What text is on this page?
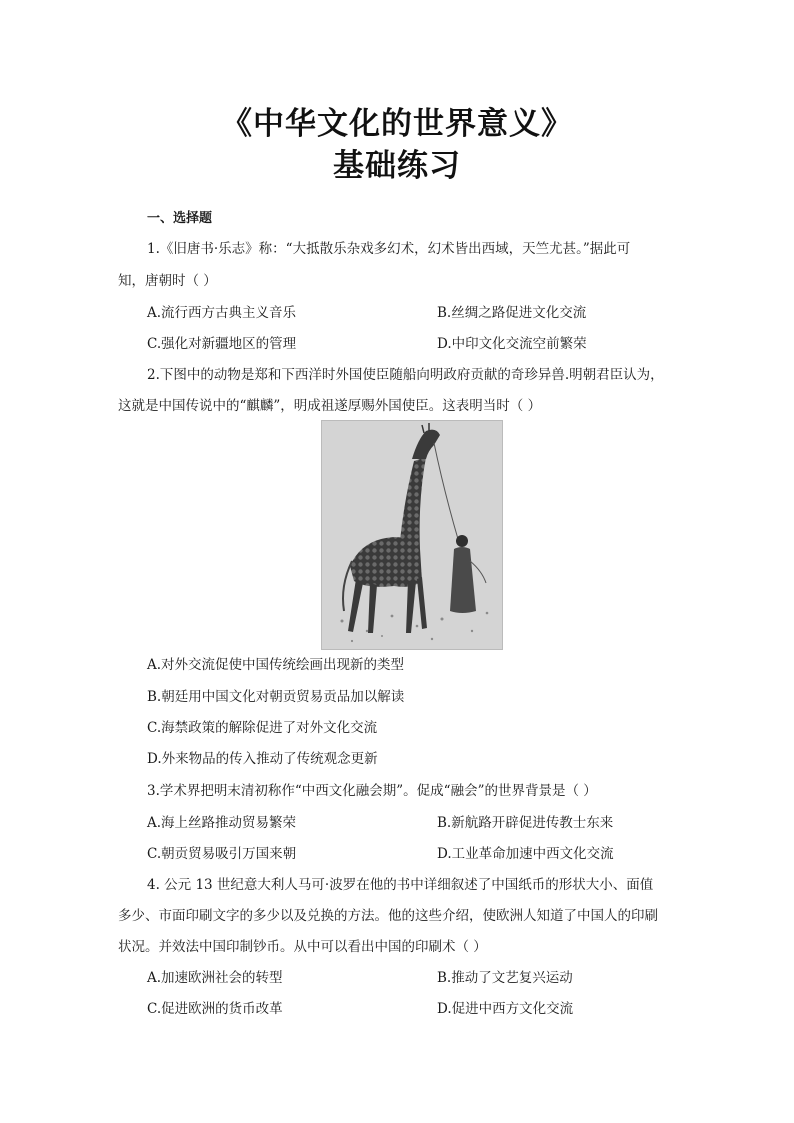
《中华文化的世界意义》
基础练习
一、选择题
1.《旧唐书·乐志》称：“大抵散乐杂戏多幻术，幻术皆出西域，天竺尤甚。”据此可
知，唐朝时（ ）
A.流行西方古典主义音乐	B.丝绸之路促进文化交流
C.强化对新疆地区的管理	D.中印文化交流空前繁荣
2.下图中的动物是郑和下西洋时外国使臣随船向明政府贡献的奇珍异兽.明朝君臣认为，
这就是中国传说中的“麒麟”，明成祖遂厚赐外国使臣。这表明当时（ ）
A.对外交流促使中国传统绘画出现新的类型
B.朝廷用中国文化对朝贡贸易贡品加以解读
C.海禁政策的解除促进了对外文化交流
D.外来物品的传入推动了传统观念更新
3.学术界把明末清初称作“中西文化融会期”。促成“融会”的世界背景是（ ）
A.海上丝路推动贸易繁荣	B.新航路开辟促进传教士东来
C.朝贡贸易吸引万国来朝	D.工业革命加速中西文化交流
4. 公元 13 世纪意大利人马可·波罗在他的书中详细叙述了中国纸币的形状大小、面值
多少、市面印刷文字的多少以及兑换的方法。他的这些介绍，使欧洲人知道了中国人的印刷
状况。并效法中国印制钞币。从中可以看出中国的印刷术（ ）
A.加速欧洲社会的转型	B.推动了文艺复兴运动
C.促进欧洲的货币改革	D.促进中西方文化交流
